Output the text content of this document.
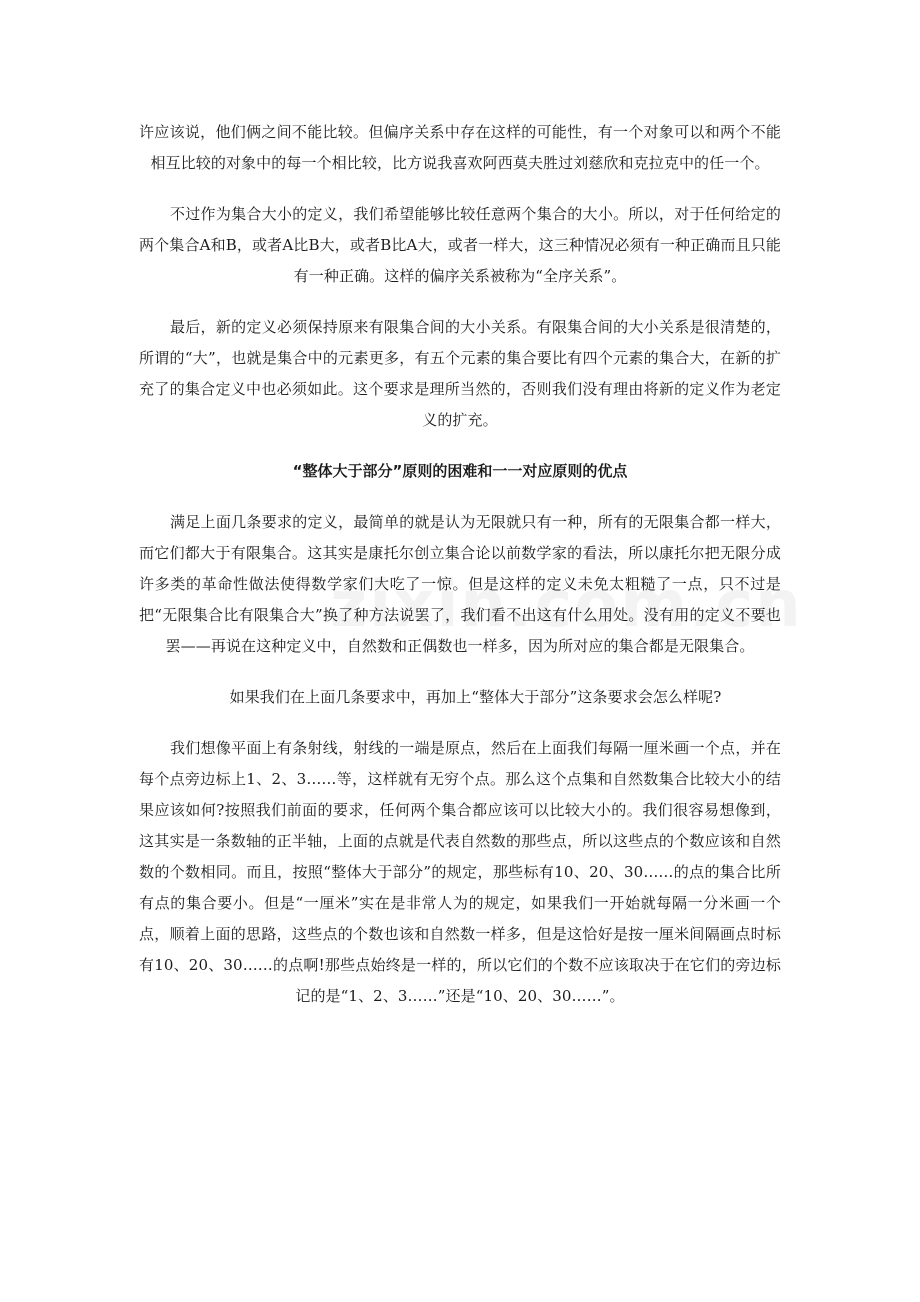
许应该说，他们俩之间不能比较。但偏序关系中存在这样的可能性，有一个对象可以和两个不能相互比较的对象中的每一个相比较，比方说我喜欢阿西莫夫胜过刘慈欣和克拉克中的任一个。

不过作为集合大小的定义，我们希望能够比较任意两个集合的大小。所以，对于任何给定的两个集合A和B，或者A比B大，或者B比A大，或者一样大，这三种情况必须有一种正确而且只能有一种正确。这样的偏序关系被称为“全序关系”。

最后，新的定义必须保持原来有限集合间的大小关系。有限集合间的大小关系是很清楚的，所谓的“大”，也就是集合中的元素更多，有五个元素的集合要比有四个元素的集合大，在新的扩充了的集合定义中也必须如此。这个要求是理所当然的，否则我们没有理由将新的定义作为老定义的扩充。

“整体大于部分”原则的困难和一一对应原则的优点

满足上面几条要求的定义，最简单的就是认为无限就只有一种，所有的无限集合都一样大，而它们都大于有限集合。这其实是康托尔创立集合论以前数学家的看法，所以康托尔把无限分成许多类的革命性做法使得数学家们大吃了一惊。但是这样的定义未免太粗糙了一点，只不过是把“无限集合比有限集合大”换了种方法说罢了，我们看不出这有什么用处。没有用的定义不要也罢——再说在这种定义中，自然数和正偶数也一样多，因为所对应的集合都是无限集合。

如果我们在上面几条要求中，再加上“整体大于部分”这条要求会怎么样呢?

我们想像平面上有条射线，射线的一端是原点，然后在上面我们每隔一厘米画一个点，并在每个点旁边标上1、2、3……等，这样就有无穷个点。那么这个点集和自然数集合比较大小的结果应该如何?按照我们前面的要求，任何两个集合都应该可以比较大小的。我们很容易想像到，这其实是一条数轴的正半轴，上面的点就是代表自然数的那些点，所以这些点的个数应该和自然数的个数相同。而且，按照“整体大于部分”的规定，那些标有10、20、30……的点的集合比所有点的集合要小。但是“一厘米”实在是非常人为的规定，如果我们一开始就每隔一分米画一个点，顺着上面的思路，这些点的个数也该和自然数一样多，但是这恰好是按一厘米间隔画点时标有10、20、30……的点啊!那些点始终是一样的，所以它们的个数不应该取决于在它们的旁边标记的是“1、2、3……”还是“10、20、30……”。
